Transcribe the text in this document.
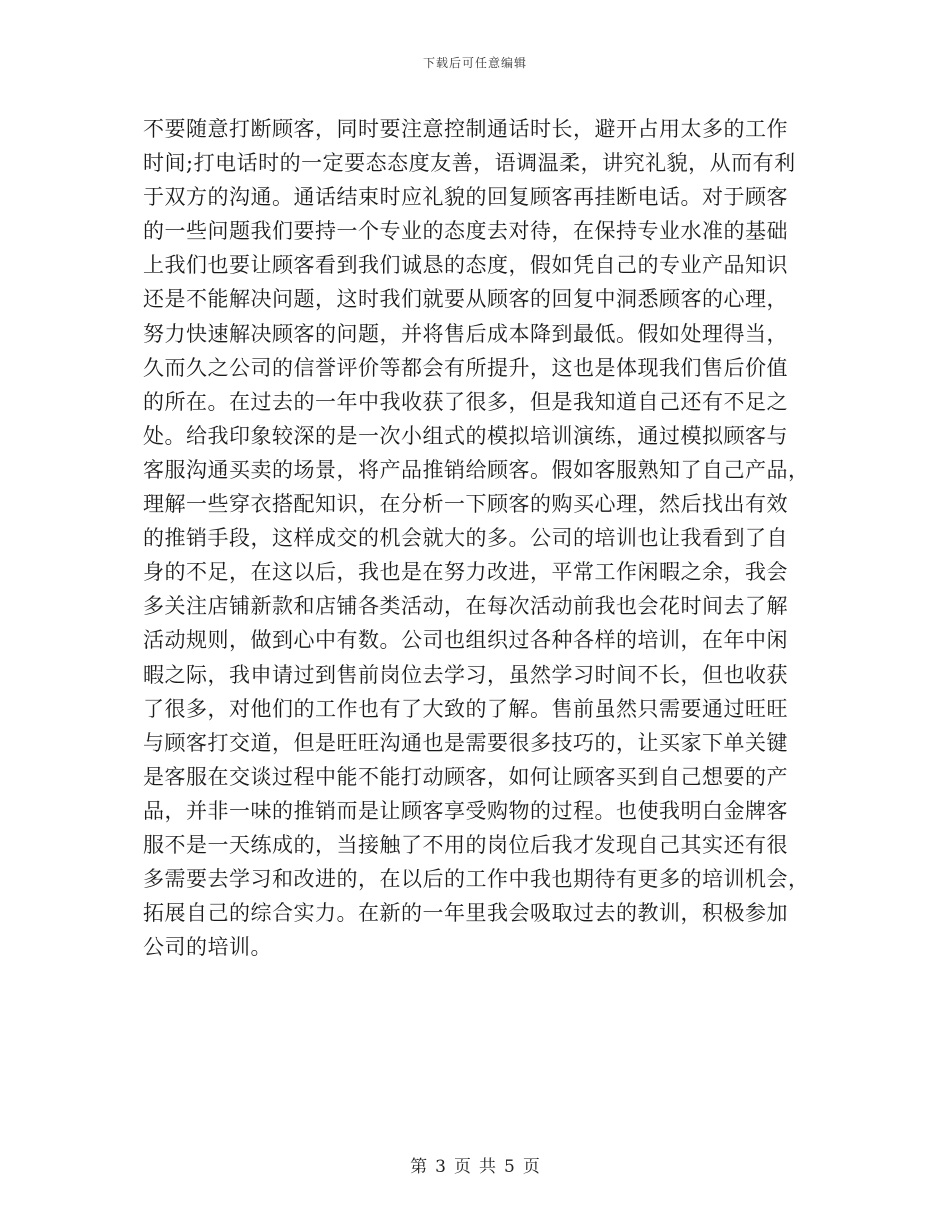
下载后可任意编辑
不要随意打断顾客，同时要注意控制通话时长，避开占用太多的工作
时间;打电话时的一定要态态度友善，语调温柔，讲究礼貌，从而有利
于双方的沟通。通话结束时应礼貌的回复顾客再挂断电话。对于顾客
的一些问题我们要持一个专业的态度去对待，在保持专业水准的基础
上我们也要让顾客看到我们诚恳的态度，假如凭自己的专业产品知识
还是不能解决问题，这时我们就要从顾客的回复中洞悉顾客的心理，
努力快速解决顾客的问题，并将售后成本降到最低。假如处理得当，
久而久之公司的信誉评价等都会有所提升，这也是体现我们售后价值
的所在。在过去的一年中我收获了很多，但是我知道自己还有不足之
处。给我印象较深的是一次小组式的模拟培训演练，通过模拟顾客与
客服沟通买卖的场景，将产品推销给顾客。假如客服熟知了自己产品，
理解一些穿衣搭配知识，在分析一下顾客的购买心理，然后找出有效
的推销手段，这样成交的机会就大的多。公司的培训也让我看到了自
身的不足，在这以后，我也是在努力改进，平常工作闲暇之余，我会
多关注店铺新款和店铺各类活动，在每次活动前我也会花时间去了解
活动规则，做到心中有数。公司也组织过各种各样的培训，在年中闲
暇之际，我申请过到售前岗位去学习，虽然学习时间不长，但也收获
了很多，对他们的工作也有了大致的了解。售前虽然只需要通过旺旺
与顾客打交道，但是旺旺沟通也是需要很多技巧的，让买家下单关键
是客服在交谈过程中能不能打动顾客，如何让顾客买到自己想要的产
品，并非一味的推销而是让顾客享受购物的过程。也使我明白金牌客
服不是一天练成的，当接触了不用的岗位后我才发现自己其实还有很
多需要去学习和改进的，在以后的工作中我也期待有更多的培训机会，
拓展自己的综合实力。在新的一年里我会吸取过去的教训，积极参加
公司的培训。
第 3 页 共 5 页
